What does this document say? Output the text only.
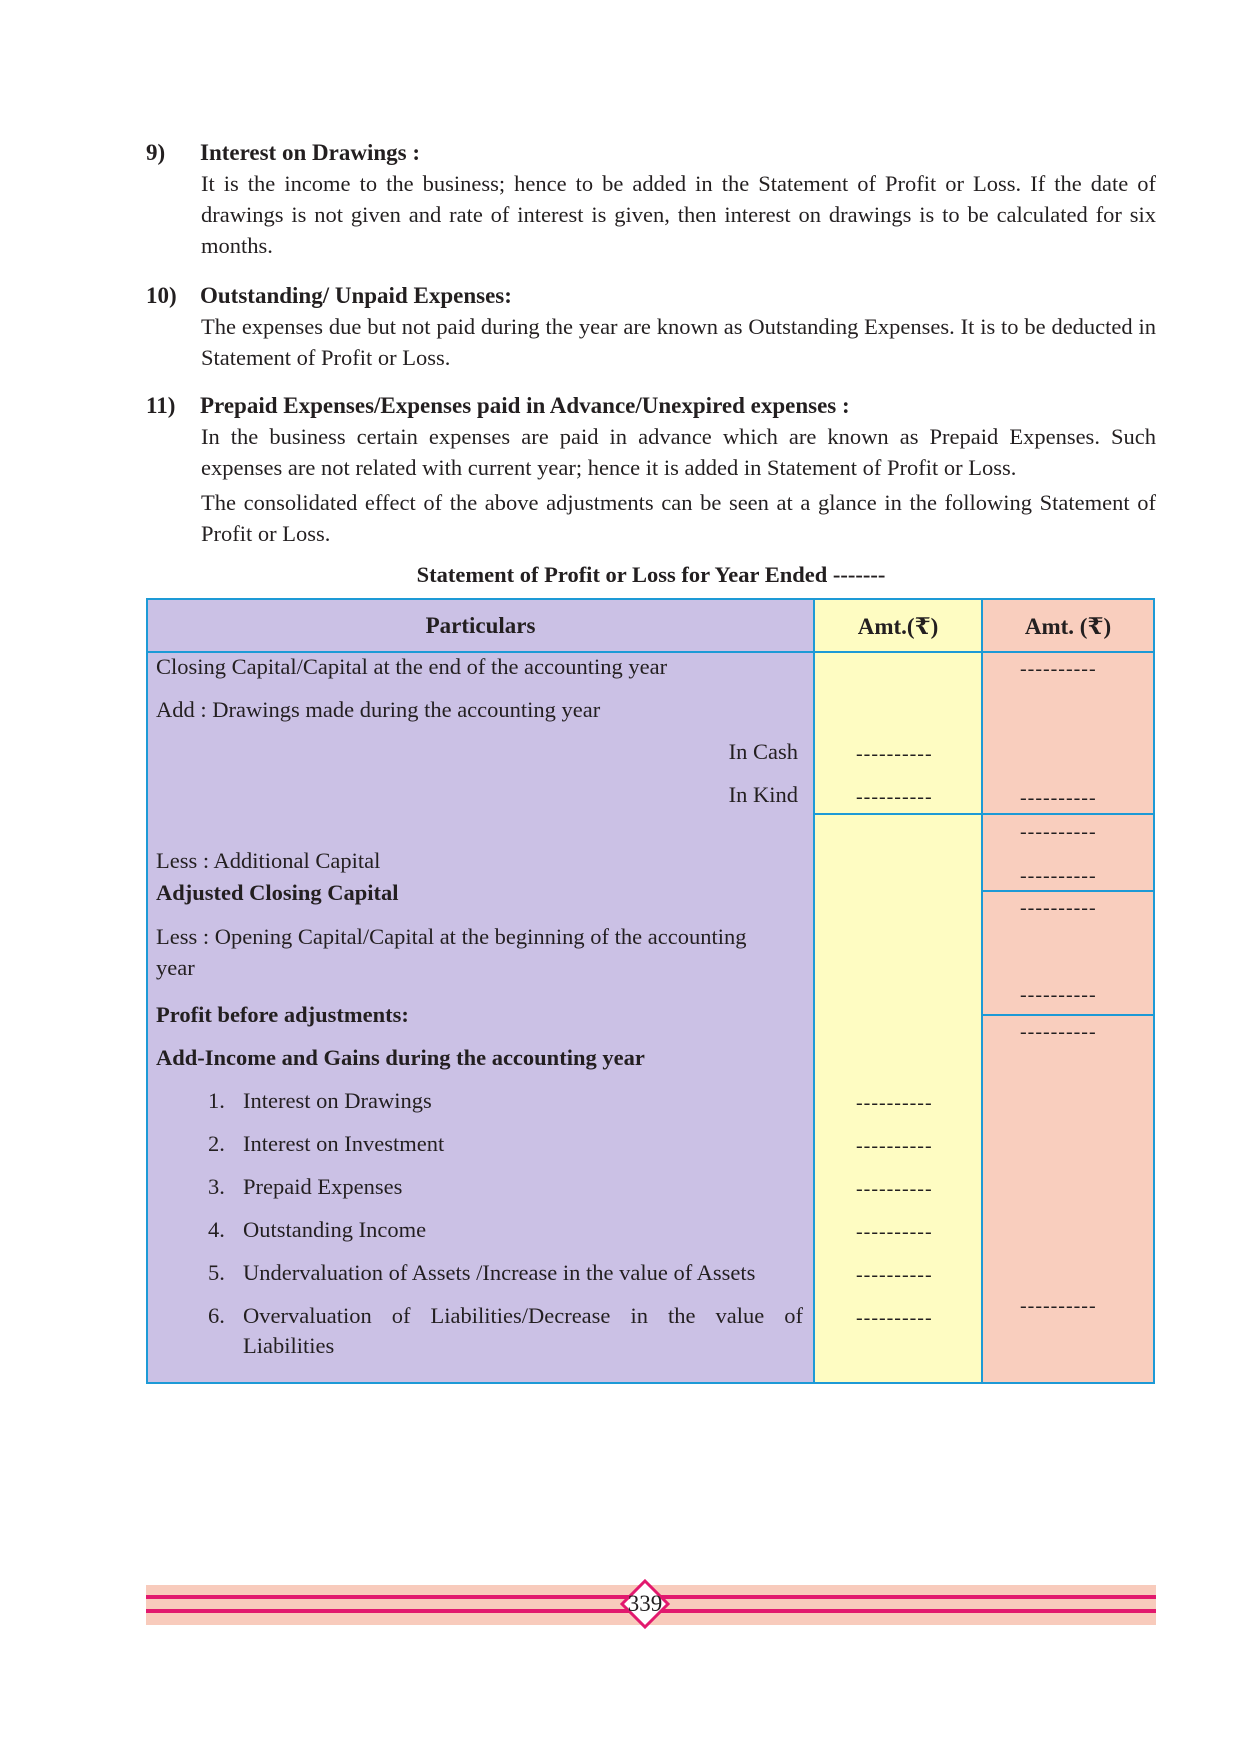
9) Interest on Drawings :

It is the income to the business; hence to be added in the Statement of Profit or Loss. If the date of drawings is not given and rate of interest is given, then interest on drawings is to be calculated for six months.

10) Outstanding/ Unpaid Expenses:

The expenses due but not paid during the year are known as Outstanding Expenses. It is to be deducted in Statement of Profit or Loss.

11) Prepaid Expenses/Expenses paid in Advance/Unexpired expenses :

In the business certain expenses are paid in advance which are known as Prepaid Expenses. Such expenses are not related with current year; hence it is added in Statement of Profit or Loss.

The consolidated effect of the above adjustments can be seen at a glance in the following Statement of Profit or Loss.

Statement of Profit or Loss for Year Ended -------
Particulars	Amt.(₹)	Amt. (₹)
Closing Capital/Capital at the end of the accounting year
Add : Drawings made during the accounting year
In Cash
In Kind
Less : Additional Capital
Adjusted Closing Capital
Less : Opening Capital/Capital at the beginning of the accounting
year
Profit before adjustments:
Add-Income and Gains during the accounting year
1. Interest on Drawings
2. Interest on Investment
3. Prepaid Expenses
4. Outstanding Income
5. Undervaluation of Assets /Increase in the value of Assets
6. Overvaluation of Liabilities/Decrease in the value of
Liabilities
----------
----------
----------
----------
----------
----------
----------
----------
----------
----------
----------
----------
----------
----------
----------
----------
339
